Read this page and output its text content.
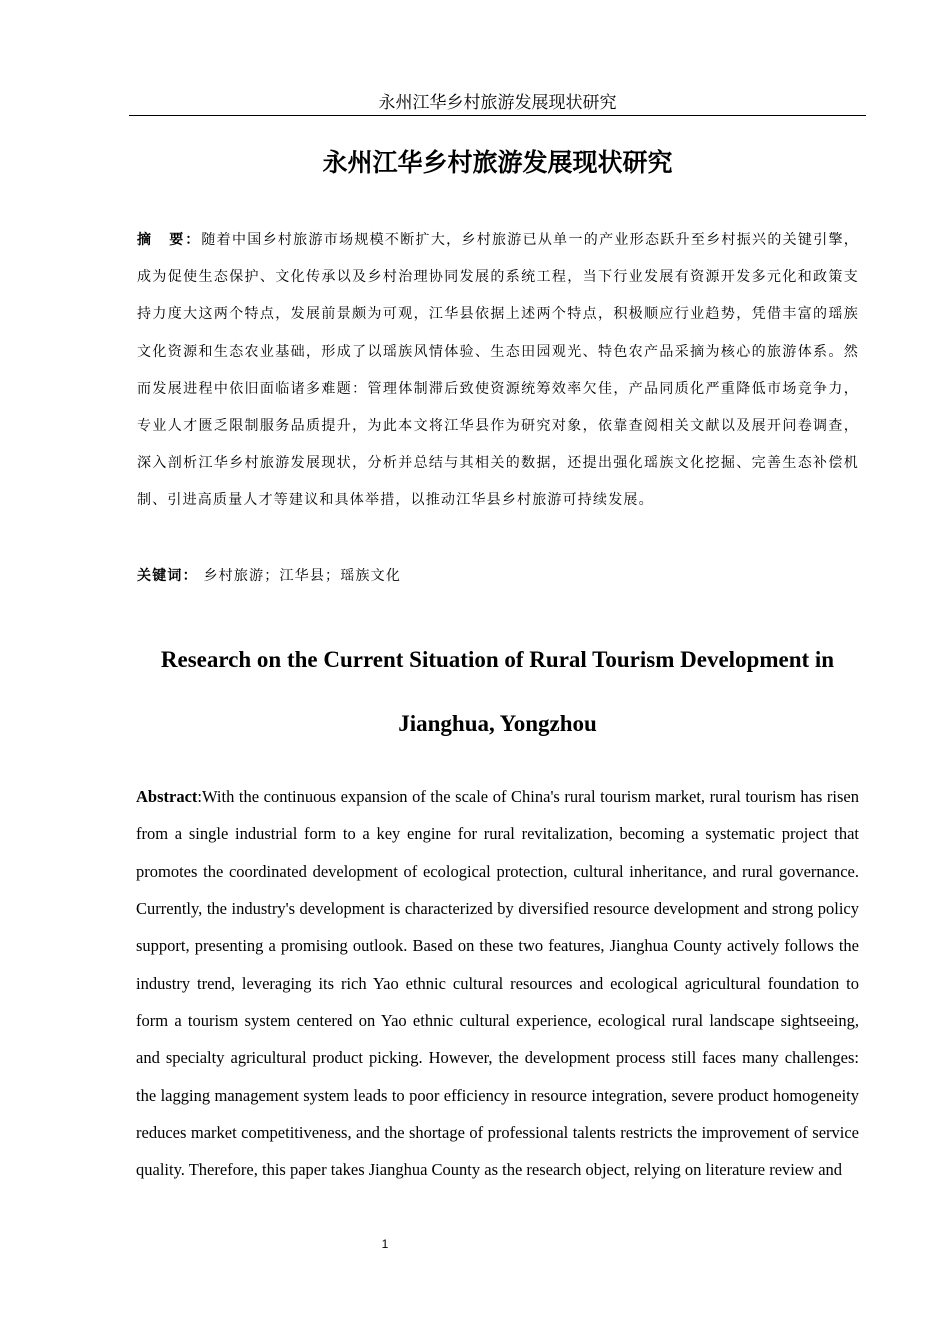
永州江华乡村旅游发展现状研究
永州江华乡村旅游发展现状研究

摘　要：随着中国乡村旅游市场规模不断扩大，乡村旅游已从单一的产业形态跃升至乡村振兴的关键引擎，成为促使生态保护、文化传承以及乡村治理协同发展的系统工程，当下行业发展有资源开发多元化和政策支持力度大这两个特点，发展前景颇为可观，江华县依据上述两个特点，积极顺应行业趋势，凭借丰富的瑶族文化资源和生态农业基础，形成了以瑶族风情体验、生态田园观光、特色农产品采摘为核心的旅游体系。然而发展进程中依旧面临诸多难题：管理体制滞后致使资源统筹效率欠佳，产品同质化严重降低市场竞争力，专业人才匮乏限制服务品质提升，为此本文将江华县作为研究对象，依靠查阅相关文献以及展开问卷调查，深入剖析江华乡村旅游发展现状，分析并总结与其相关的数据，还提出强化瑶族文化挖掘、完善生态补偿机制、引进高质量人才等建议和具体举措，以推动江华县乡村旅游可持续发展。

关键词： 乡村旅游；江华县；瑶族文化
Research on the Current Situation of Rural Tourism Development in Jianghua, Yongzhou

Abstract:With the continuous expansion of the scale of China's rural tourism market, rural tourism has risen from a single industrial form to a key engine for rural revitalization, becoming a systematic project that promotes the coordinated development of ecological protection, cultural inheritance, and rural governance. Currently, the industry's development is characterized by diversified resource development and strong policy support, presenting a promising outlook. Based on these two features, Jianghua County actively follows the industry trend, leveraging its rich Yao ethnic cultural resources and ecological agricultural foundation to form a tourism system centered on Yao ethnic cultural experience, ecological rural landscape sightseeing, and specialty agricultural product picking. However, the development process still faces many challenges: the lagging management system leads to poor efficiency in resource integration, severe product homogeneity reduces market competitiveness, and the shortage of professional talents restricts the improvement of service quality. Therefore, this paper takes Jianghua County as the research object, relying on literature review and

1
